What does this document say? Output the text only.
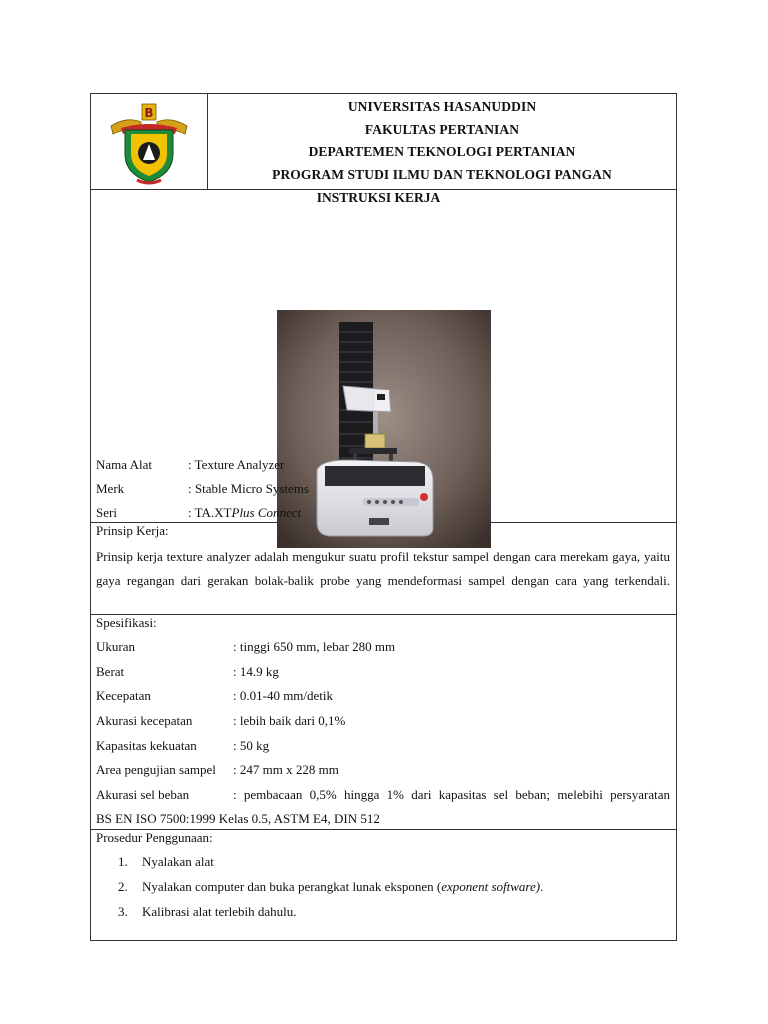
B	UNIVERSITAS HASANUDDIN
FAKULTAS PERTANIAN
DEPARTEMEN TEKNOLOGI PERTANIAN
PROGRAM STUDI ILMU DAN TEKNOLOGI PANGAN
INSTRUKSI KERJA
Nama Alat	: Texture Analyzer
Merk	: Stable Micro Systems
Seri	: TA.XTPlus Connect
Prinsip Kerja:
Prinsip kerja texture analyzer adalah mengukur suatu profil tekstur sampel dengan cara merekam gaya, yaitu gaya regangan dari gerakan bolak-balik probe yang mendeformasi sampel dengan cara yang terkendali.
Spesifikasi:
Ukuran	: tinggi 650 mm, lebar 280 mm
Berat	: 14.9 kg
Kecepatan	: 0.01-40 mm/detik
Akurasi kecepatan	: lebih baik dari 0,1%
Kapasitas kekuatan	: 50 kg
Area pengujian sampel	: 247 mm x 228 mm
Akurasi sel beban	: pembacaan 0,5% hingga 1% dari kapasitas sel beban; melebihi persyaratan
BS EN ISO 7500:1999 Kelas 0.5, ASTM E4, DIN 512
Prosedur Penggunaan:
1.	Nyalakan alat
2.	Nyalakan computer dan buka perangkat lunak eksponen (exponent software).
3.	Kalibrasi alat terlebih dahulu.
